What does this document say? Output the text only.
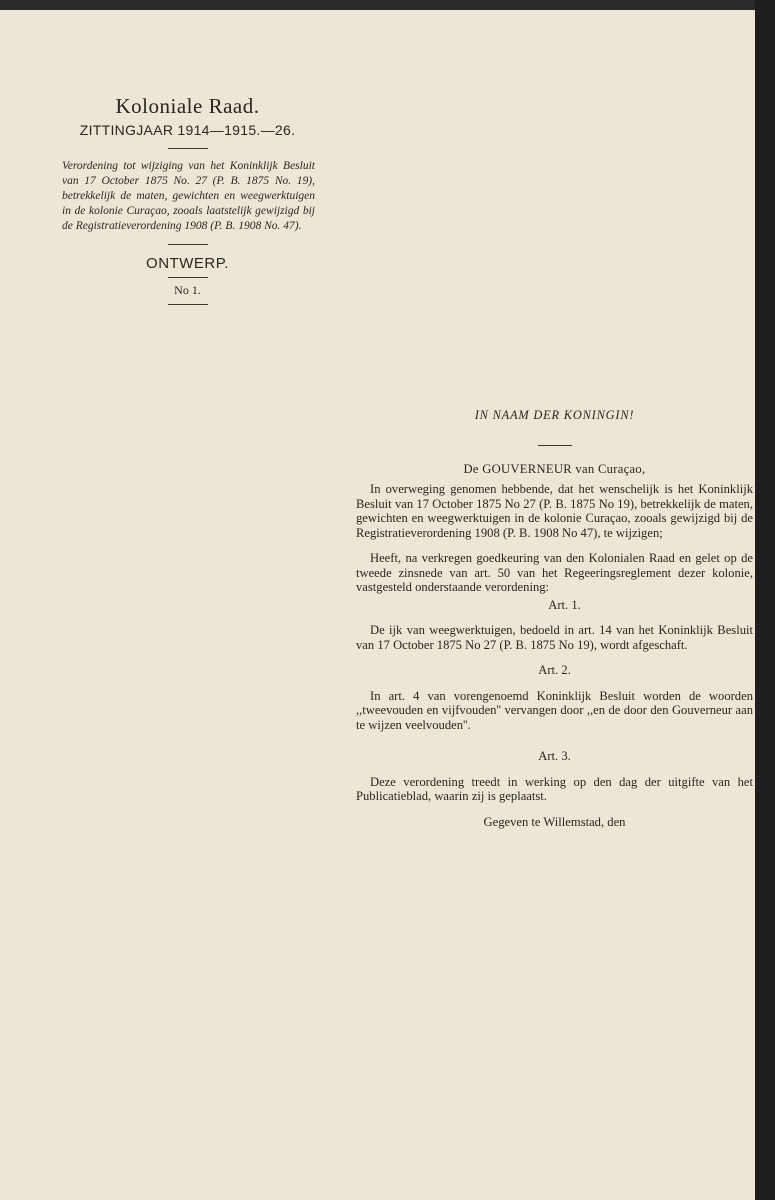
Koloniale Raad.
ZITTINGJAAR 1914—1915.—26.

Verordening tot wijziging van het Koninklijk Besluit van 17 October 1875 No. 27 (P. B. 1875 No. 19), betrekkelijk de maten, gewichten en weegwerktuigen in de kolonie Curaçao, zooals laatstelijk gewijzigd bij de Registratieverordening 1908 (P. B. 1908 No. 47).

ONTWERP.
No 1.
IN NAAM DER KONINGIN!
De GOUVERNEUR van Curaçao,

In overweging genomen hebbende, dat het wenschelijk is het Koninklijk Besluit van 17 October 1875 No 27 (P. B. 1875 No 19), betrekkelijk de maten, gewichten en weegwerktuigen in de kolonie Curaçao, zooals gewijzigd bij de Registratieverordening 1908 (P. B. 1908 No 47), te wijzigen;

Heeft, na verkregen goedkeuring van den Kolonialen Raad en gelet op de tweede zinsnede van art. 50 van het Regeeringsreglement dezer kolonie, vastgesteld onderstaande verordening:

Art. 1.

De ijk van weegwerktuigen, bedoeld in art. 14 van het Koninklijk Besluit van 17 October 1875 No 27 (P. B. 1875 No 19), wordt afgeschaft.

Art. 2.

In art. 4 van vorengenoemd Koninklijk Besluit worden de woorden ,,tweevouden en vijfvouden'' vervangen door ,,en de door den Gouverneur aan te wijzen veelvouden''.

Art. 3.

Deze verordening treedt in werking op den dag der uitgifte van het Publicatieblad, waarin zij is geplaatst.

Gegeven te Willemstad, den
